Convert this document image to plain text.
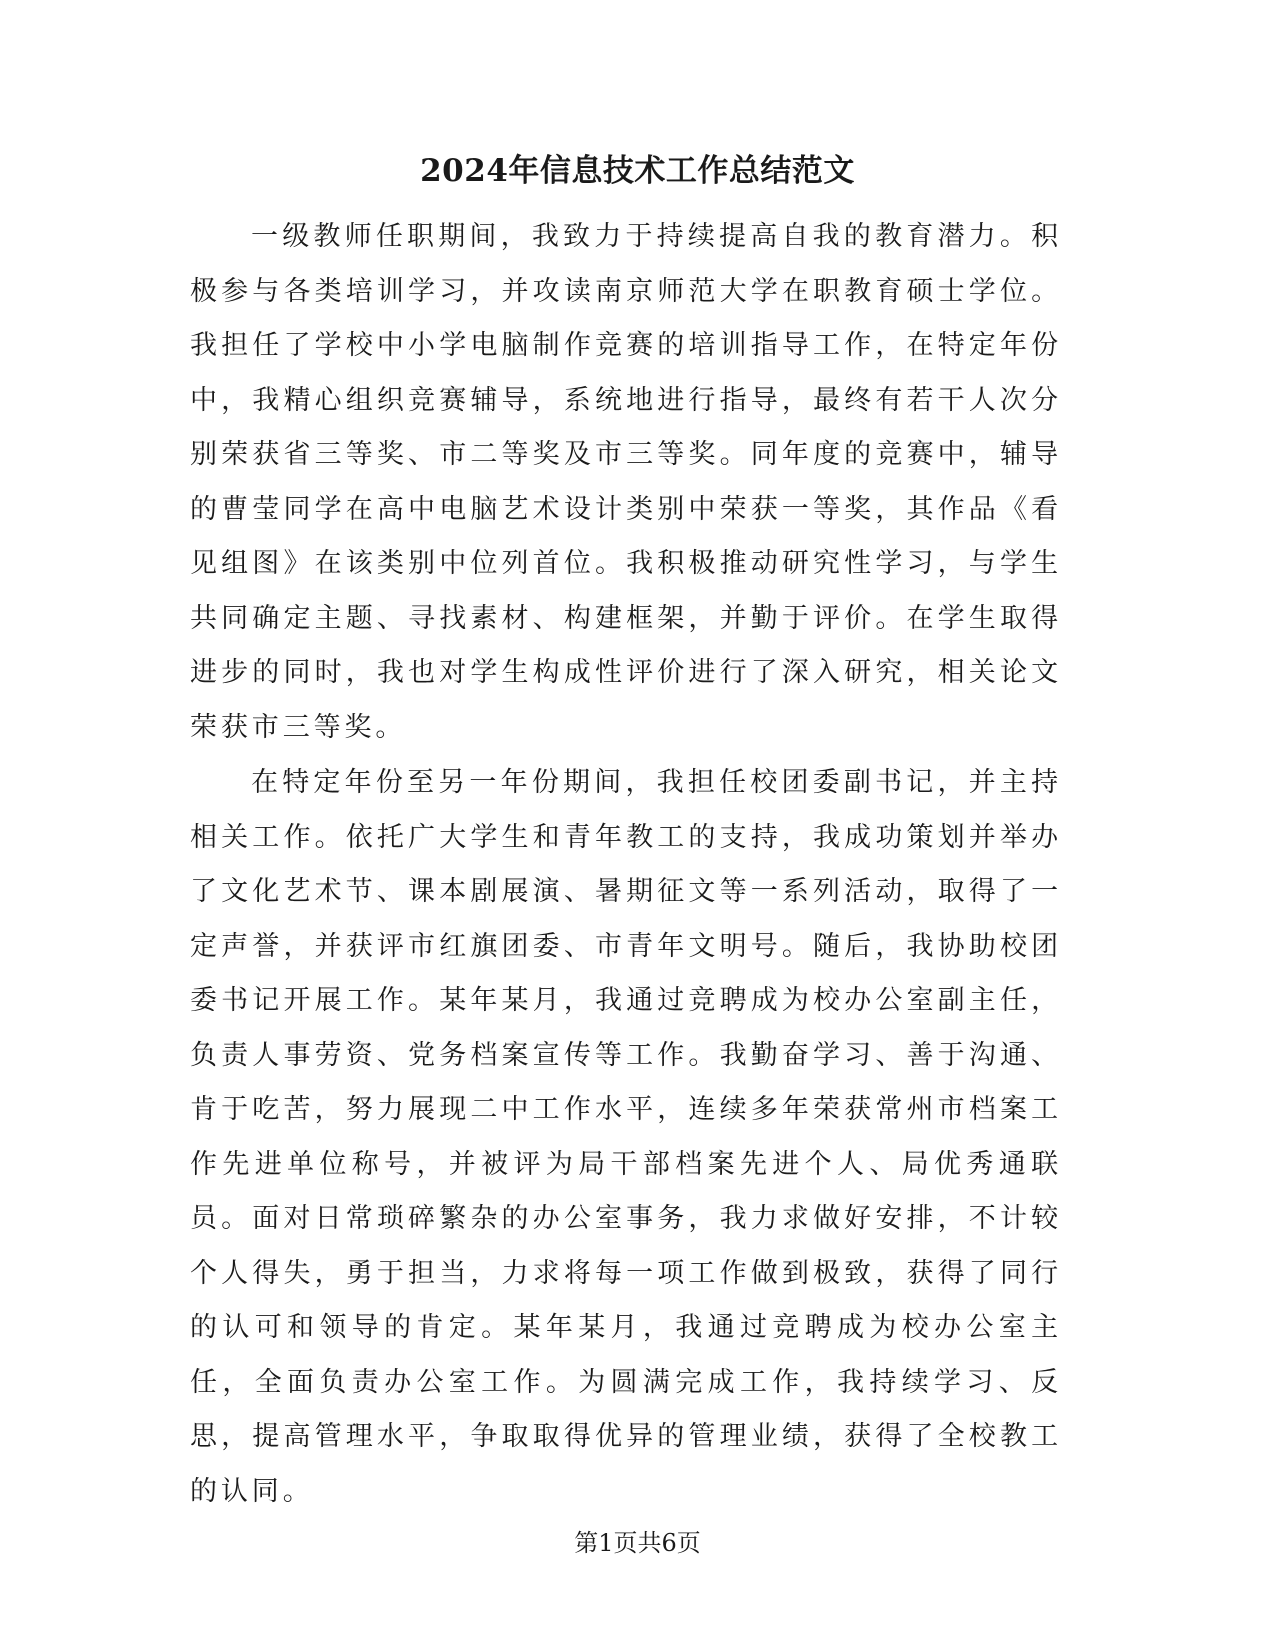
2024年信息技术工作总结范文

一级教师任职期间，我致力于持续提高自我的教育潜力。积极参与各类培训学习，并攻读南京师范大学在职教育硕士学位。我担任了学校中小学电脑制作竞赛的培训指导工作，在特定年份中，我精心组织竞赛辅导，系统地进行指导，最终有若干人次分别荣获省三等奖、市二等奖及市三等奖。同年度的竞赛中，辅导的曹莹同学在高中电脑艺术设计类别中荣获一等奖，其作品《看见组图》在该类别中位列首位。我积极推动研究性学习，与学生共同确定主题、寻找素材、构建框架，并勤于评价。在学生取得进步的同时，我也对学生构成性评价进行了深入研究，相关论文荣获市三等奖。

在特定年份至另一年份期间，我担任校团委副书记，并主持相关工作。依托广大学生和青年教工的支持，我成功策划并举办了文化艺术节、课本剧展演、暑期征文等一系列活动，取得了一定声誉，并获评市红旗团委、市青年文明号。随后，我协助校团委书记开展工作。某年某月，我通过竞聘成为校办公室副主任，负责人事劳资、党务档案宣传等工作。我勤奋学习、善于沟通、肯于吃苦，努力展现二中工作水平，连续多年荣获常州市档案工作先进单位称号，并被评为局干部档案先进个人、局优秀通联员。面对日常琐碎繁杂的办公室事务，我力求做好安排，不计较个人得失，勇于担当，力求将每一项工作做到极致，获得了同行的认可和领导的肯定。某年某月，我通过竞聘成为校办公室主任，全面负责办公室工作。为圆满完成工作，我持续学习、反思，提高管理水平，争取取得优异的管理业绩，获得了全校教工的认同。

第1页共6页
